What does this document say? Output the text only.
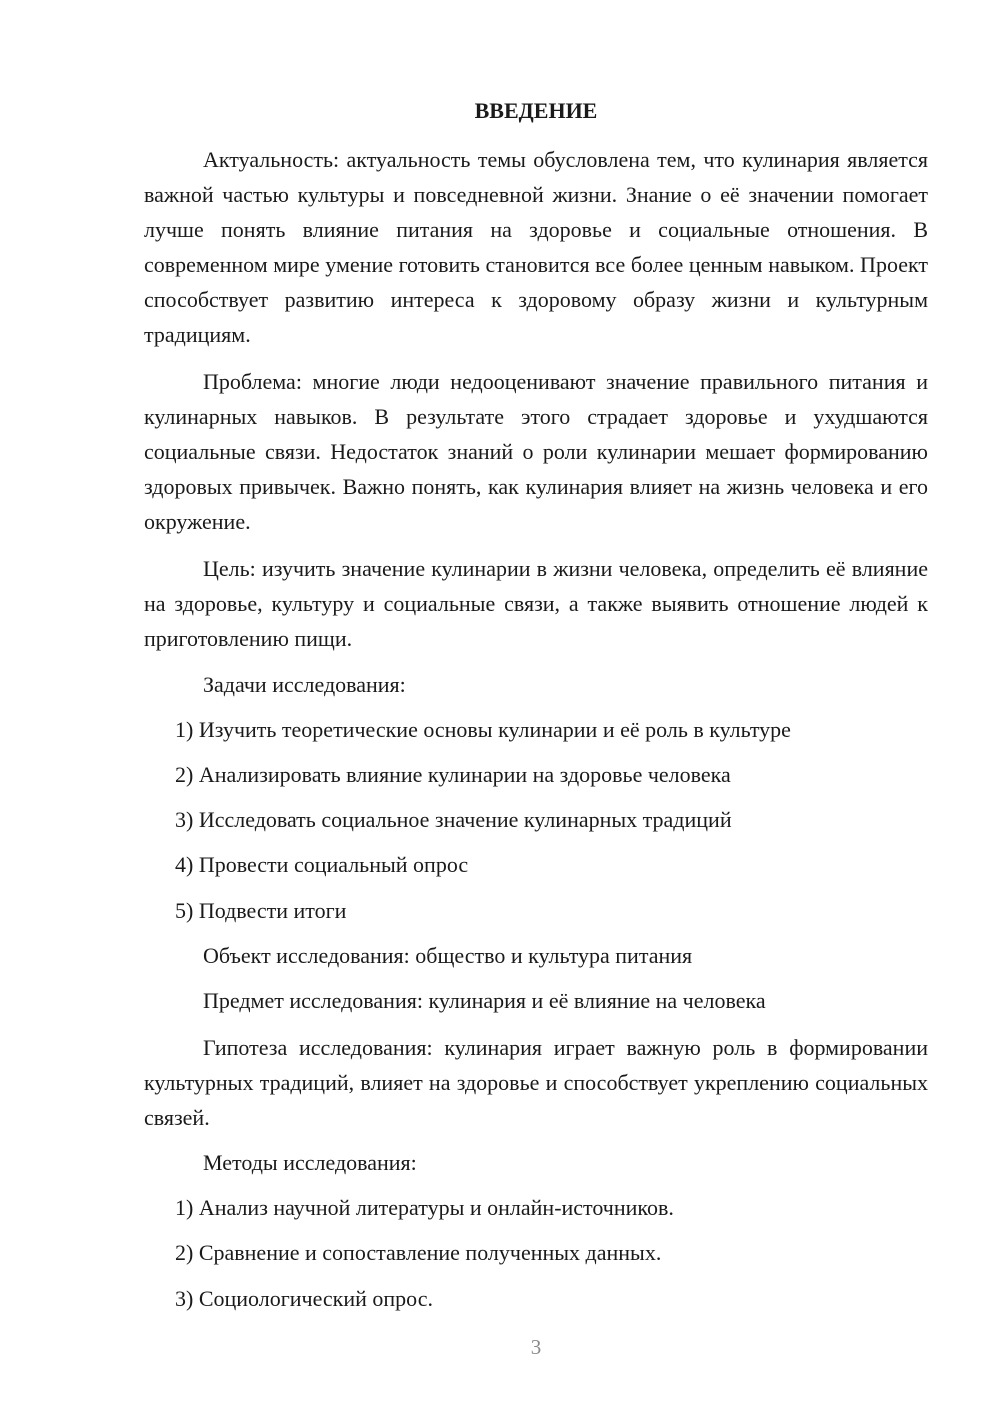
ВВЕДЕНИЕ
Актуальность: актуальность темы обусловлена тем, что кулинария является важной частью культуры и повседневной жизни. Знание о её значении помогает лучше понять влияние питания на здоровье и социальные отношения. В современном мире умение готовить становится все более ценным навыком. Проект способствует развитию интереса к здоровому образу жизни и культурным традициям.
Проблема: многие люди недооценивают значение правильного питания и кулинарных навыков. В результате этого страдает здоровье и ухудшаются социальные связи. Недостаток знаний о роли кулинарии мешает формированию здоровых привычек. Важно понять, как кулинария влияет на жизнь человека и его окружение.
Цель: изучить значение кулинарии в жизни человека, определить её влияние на здоровье, культуру и социальные связи, а также выявить отношение людей к приготовлению пищи.
Задачи исследования:
1) Изучить теоретические основы кулинарии и её роль в культуре
2) Анализировать влияние кулинарии на здоровье человека
3) Исследовать социальное значение кулинарных традиций
4) Провести социальный опрос
5) Подвести итоги
Объект исследования: общество и культура питания
Предмет исследования: кулинария и её влияние на человека
Гипотеза исследования: кулинария играет важную роль в формировании культурных традиций, влияет на здоровье и способствует укреплению социальных связей.
Методы исследования:
1) Анализ научной литературы и онлайн-источников.
2) Сравнение и сопоставление полученных данных.
3) Социологический опрос.
3
